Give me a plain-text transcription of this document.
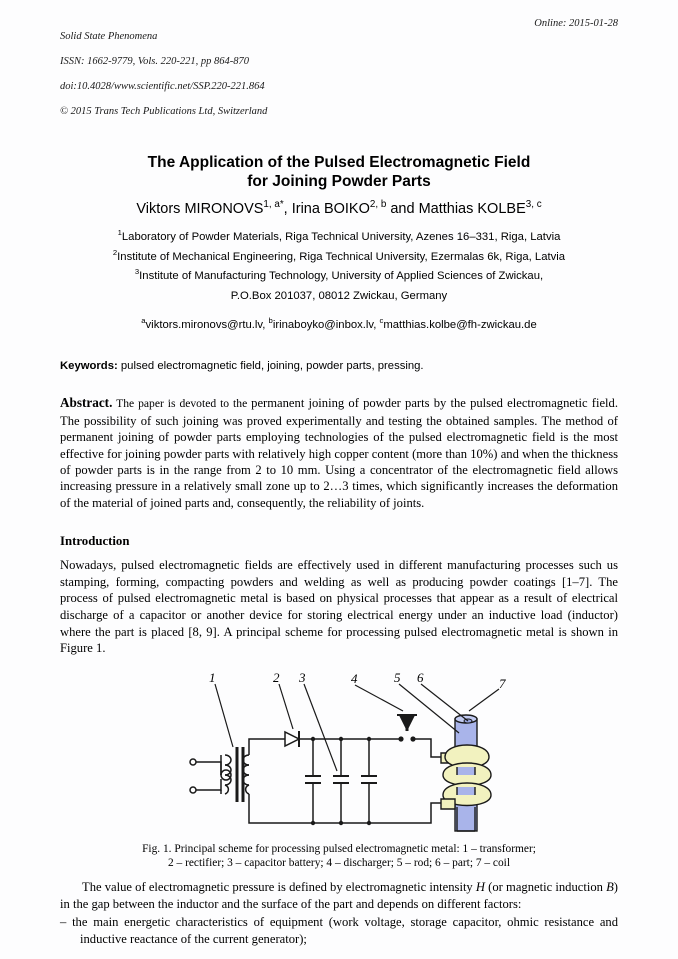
Solid State Phenomena

ISSN: 1662-9779, Vols. 220-221, pp 864-870

doi:10.4028/www.scientific.net/SSP.220-221.864

© 2015 Trans Tech Publications Ltd, Switzerland

Online: 2015-01-28
The Application of the Pulsed Electromagnetic Field
for Joining Powder Parts
Viktors $MIRONOVS^{1, a*}$, Irina BOIKO$^{2, b}$ and Matthias KOLBE$^{3, c}$
$^1$Laboratory of Powder Materials, Riga Technical University, Azenes 16–331, Riga, Latvia
$^2$Institute of Mechanical Engineering, Riga Technical University, Ezermalas 6k, Riga, Latvia
$^3$Institute of Manufacturing Technology, University of Applied Sciences of Zwickau,
P.O.Box 201037, 08012 Zwickau, Germany
$^a$viktors.mironovs@rtu.lv, $^b$irinaboyko@inbox.lv, $^c$matthias.kolbe@fh-zwickau.de
Keywords: pulsed electromagnetic field, joining, powder parts, pressing.
Abstract. The paper is devoted to the permanent joining of powder parts by the pulsed electromagnetic field. The possibility of such joining was proved experimentally and testing the obtained samples. The method of permanent joining of powder parts employing technologies of the pulsed electromagnetic field is the most effective for joining powder parts with relatively high copper content (more than 10%) and when the thickness of powder parts is in the range from 2 to 10 mm. Using a concentrator of the electromagnetic field allows increasing pressure in a relatively small zone up to 2…3 times, which significantly increases the deformation of the material of joined parts and, consequently, the reliability of joints.
Introduction
Nowadays, pulsed electromagnetic fields are effectively used in different manufacturing processes such us stamping, forming, compacting powders and welding as well as producing powder coatings [1–7]. The process of pulsed electromagnetic metal is based on physical processes that appear as a result of electrical discharge of a capacitor or another device for storing electrical energy under an inductive load (inductor) where the part is placed [8, 9]. A principal scheme for processing pulsed electromagnetic metal is shown in Figure 1.
1	2 3	4	5 6	7
Fig. 1. Principal scheme for processing pulsed electromagnetic metal: 1 – transformer;
2 – rectifier; 3 – capacitor battery; 4 – discharger; 5 – rod; 6 – part; 7 – coil
The value of electromagnetic pressure is defined by electromagnetic intensity H (or magnetic induction B) in the gap between the inductor and the surface of the part and depends on different factors:
– the main energetic characteristics of equipment (work voltage, storage capacitor, ohmic resistance and inductive reactance of the current generator);
